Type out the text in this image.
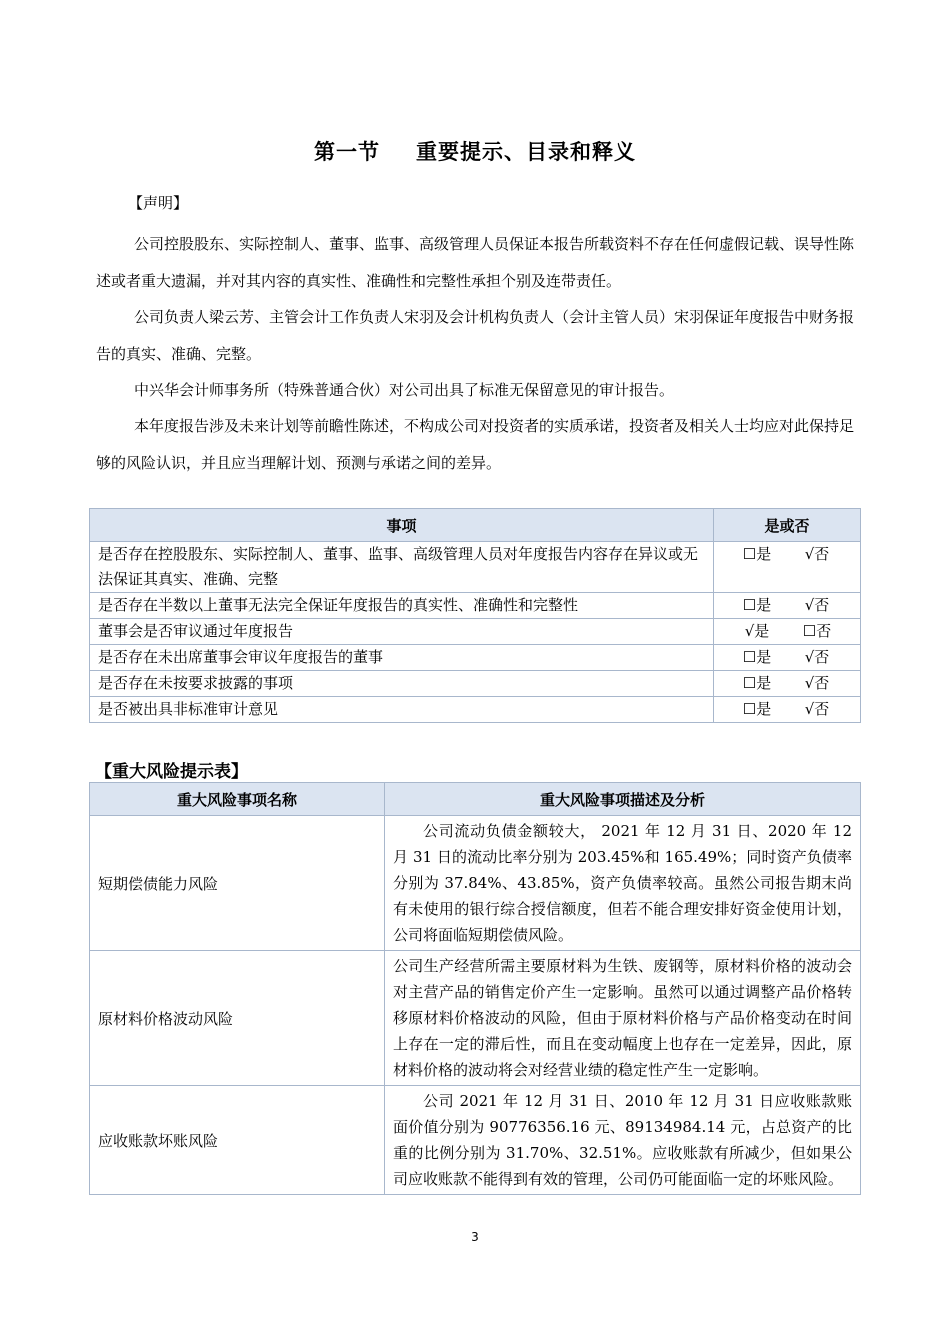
第一节 重要提示、目录和释义
【声明】

公司控股股东、实际控制人、董事、监事、高级管理人员保证本报告所载资料不存在任何虚假记载、误导性陈述或者重大遗漏，并对其内容的真实性、准确性和完整性承担个别及连带责任。

公司负责人梁云芳、主管会计工作负责人宋羽及会计机构负责人（会计主管人员）宋羽保证年度报告中财务报告的真实、准确、完整。

中兴华会计师事务所（特殊普通合伙）对公司出具了标准无保留意见的审计报告。

本年度报告涉及未来计划等前瞻性陈述，不构成公司对投资者的实质承诺，投资者及相关人士均应对此保持足够的风险认识，并且应当理解计划、预测与承诺之间的差异。

事项	是或否
是否存在控股股东、实际控制人、董事、监事、高级管理人员对年度报告内容存在异议或无法保证其真实、准确、完整	☐是 √否
是否存在半数以上董事无法完全保证年度报告的真实性、准确性和完整性	☐是 √否
董事会是否审议通过年度报告	√是 ☐否
是否存在未出席董事会审议年度报告的董事	☐是 √否
是否存在未按要求披露的事项	☐是 √否
是否被出具非标准审计意见	☐是 √否
【重大风险提示表】
重大风险事项名称	重大风险事项描述及分析
短期偿债能力风险	公司流动负债金额较大， 2021 年 12 月 31 日、2020 年 12 月 31 日的流动比率分别为 203.45%和 165.49%；同时资产负债率分别为 37.84%、43.85%，资产负债率较高。虽然公司报告期末尚有未使用的银行综合授信额度，但若不能合理安排好资金使用计划，公司将面临短期偿债风险。
原材料价格波动风险	公司生产经营所需主要原材料为生铁、废钢等，原材料价格的波动会对主营产品的销售定价产生一定影响。虽然可以通过调整产品价格转移原材料价格波动的风险，但由于原材料价格与产品价格变动在时间上存在一定的滞后性，而且在变动幅度上也存在一定差异，因此，原材料价格的波动将会对经营业绩的稳定性产生一定影响。
应收账款坏账风险	公司 2021 年 12 月 31 日、2010 年 12 月 31 日应收账款账面价值分别为 90776356.16 元、89134984.14 元，占总资产的比重的比例分别为 31.70%、32.51%。应收账款有所减少，但如果公司应收账款不能得到有效的管理，公司仍可能面临一定的坏账风险。
3
